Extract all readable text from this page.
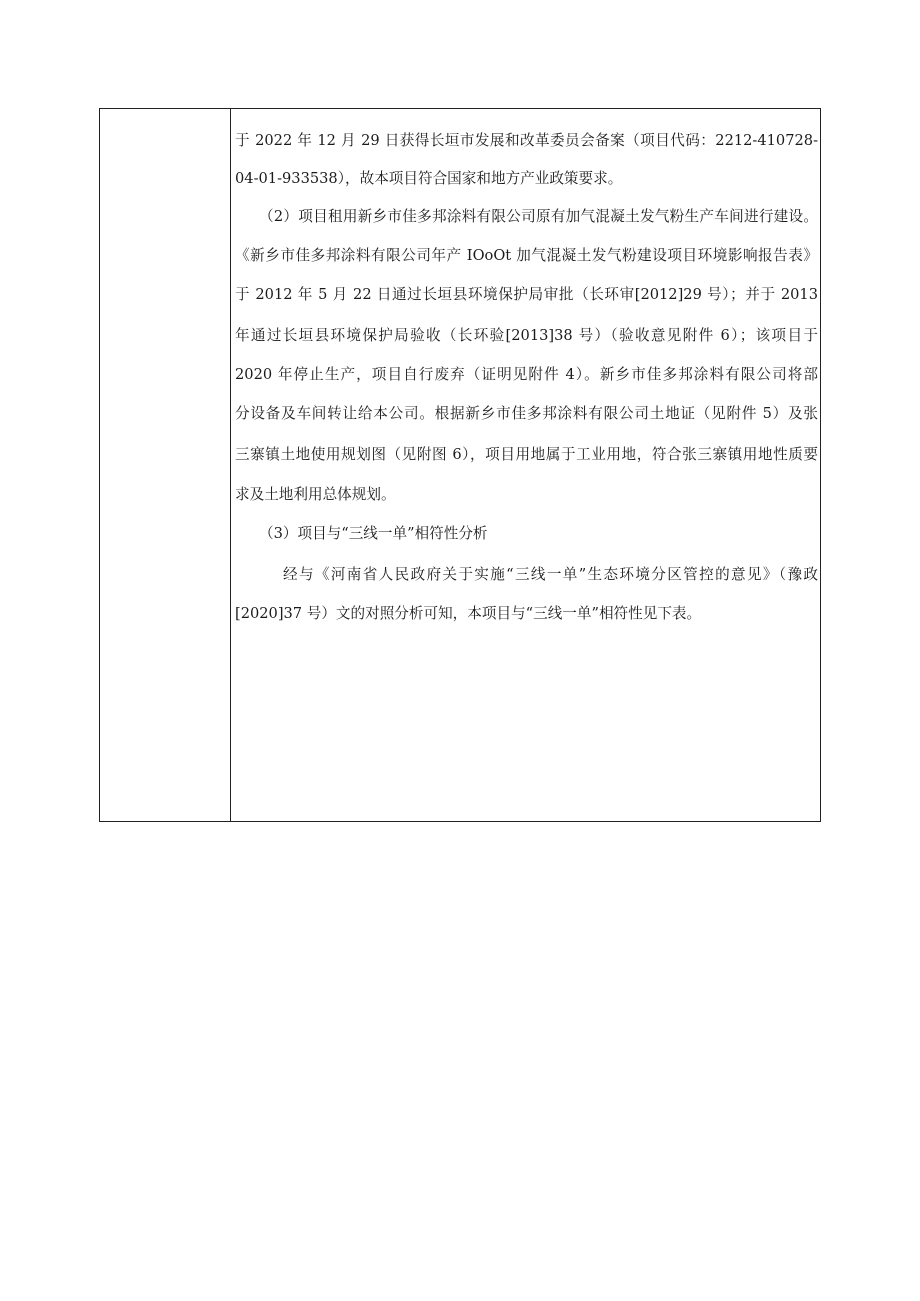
于 2022 年 12 月 29 日获得长垣市发展和改革委员会备案（项目代码：2212-410728-
04-01-933538），故本项目符合国家和地方产业政策要求。
（2）项目租用新乡市佳多邦涂料有限公司原有加气混凝土发气粉生产车间进行建设。
《新乡市佳多邦涂料有限公司年产 IOoOt 加气混凝土发气粉建设项目环境影响报告表》
于 2012 年 5 月 22 日通过长垣县环境保护局审批（长环审[2012]29 号）；并于 2013
年通过长垣县环境保护局验收（长环验[2013]38 号）（验收意见附件 6）；该项目于
2020 年停止生产，项目自行废弃（证明见附件 4）。新乡市佳多邦涂料有限公司将部
分设备及车间转让给本公司。根据新乡市佳多邦涂料有限公司土地证（见附件 5）及张
三寨镇土地使用规划图（见附图 6），项目用地属于工业用地，符合张三寨镇用地性质要
求及土地利用总体规划。
（3）项目与“三线一单”相符性分析
经与《河南省人民政府关于实施“三线一单”生态环境分区管控的意见》（豫政
[2020]37 号）文的对照分析可知，本项目与“三线一单”相符性见下表。
